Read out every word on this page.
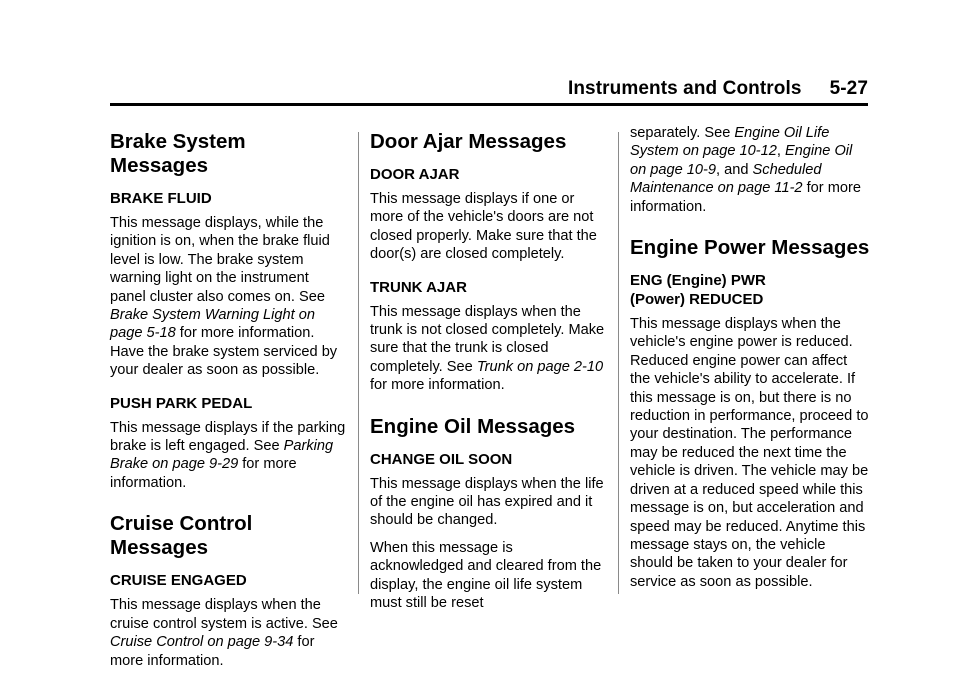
Instruments and Controls 5-27
Brake System Messages
BRAKE FLUID

This message displays, while the ignition is on, when the brake fluid level is low. The brake system warning light on the instrument panel cluster also comes on. See Brake System Warning Light on page 5-18 for more information. Have the brake system serviced by your dealer as soon as possible.

PUSH PARK PEDAL

This message displays if the parking brake is left engaged. See Parking Brake on page 9-29 for more information.

Cruise Control Messages
CRUISE ENGAGED

This message displays when the cruise control system is active. See Cruise Control on page 9-34 for more information.

Door Ajar Messages
DOOR AJAR

This message displays if one or more of the vehicle's doors are not closed properly. Make sure that the door(s) are closed completely.

TRUNK AJAR

This message displays when the trunk is not closed completely. Make sure that the trunk is closed completely. See Trunk on page 2-10 for more information.

Engine Oil Messages
CHANGE OIL SOON

This message displays when the life of the engine oil has expired and it should be changed.

When this message is acknowledged and cleared from the display, the engine oil life system must still be reset

separately. See Engine Oil Life System on page 10-12, Engine Oil on page 10-9, and Scheduled Maintenance on page 11-2 for more information.

Engine Power Messages
ENG (Engine) PWR
(Power) REDUCED

This message displays when the vehicle's engine power is reduced. Reduced engine power can affect the vehicle's ability to accelerate. If this message is on, but there is no reduction in performance, proceed to your destination. The performance may be reduced the next time the vehicle is driven. The vehicle may be driven at a reduced speed while this message is on, but acceleration and speed may be reduced. Anytime this message stays on, the vehicle should be taken to your dealer for service as soon as possible.
